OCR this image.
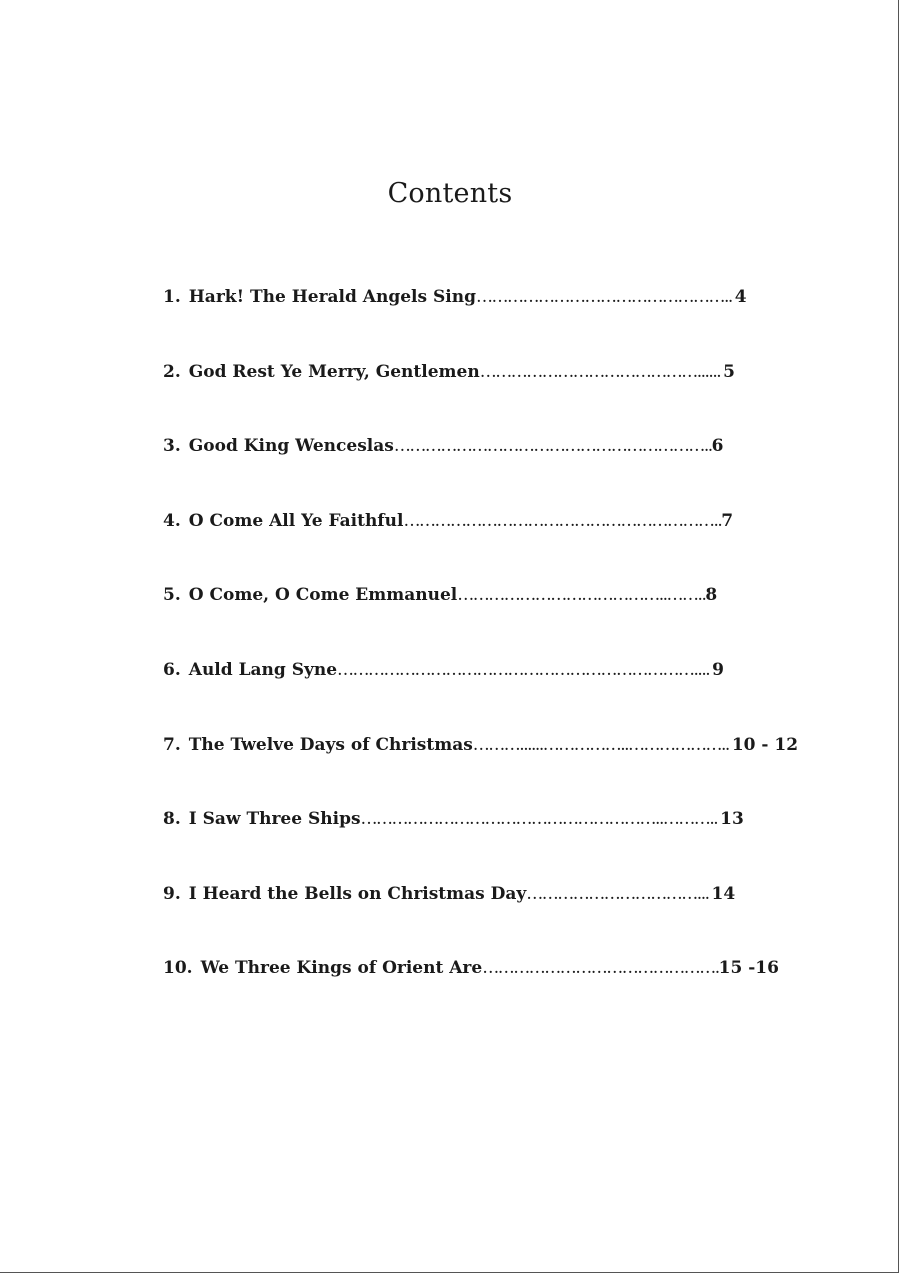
Contents
1. Hark! The Herald Angels Sing………………………………………….. 4
2. God Rest Ye Merry, Gentlemen……………………………………...... 5
3. Good King Wenceslas……………………………………………………..6
4. O Come All Ye Faithful……………………………………………………..7
5. O Come, O Come Emmanuel…………………………………..……..8
6. Auld Lang Syne…………………………………………………………….... 9
7. The Twelve Days of Christmas………......……………..……………….. 10 - 12
8. I Saw Three Ships…………………………………………………..……….. 13
9. I Heard the Bells on Christmas Day……………………………... 14
10. We Three Kings of Orient Are……………………………………….15 -16
